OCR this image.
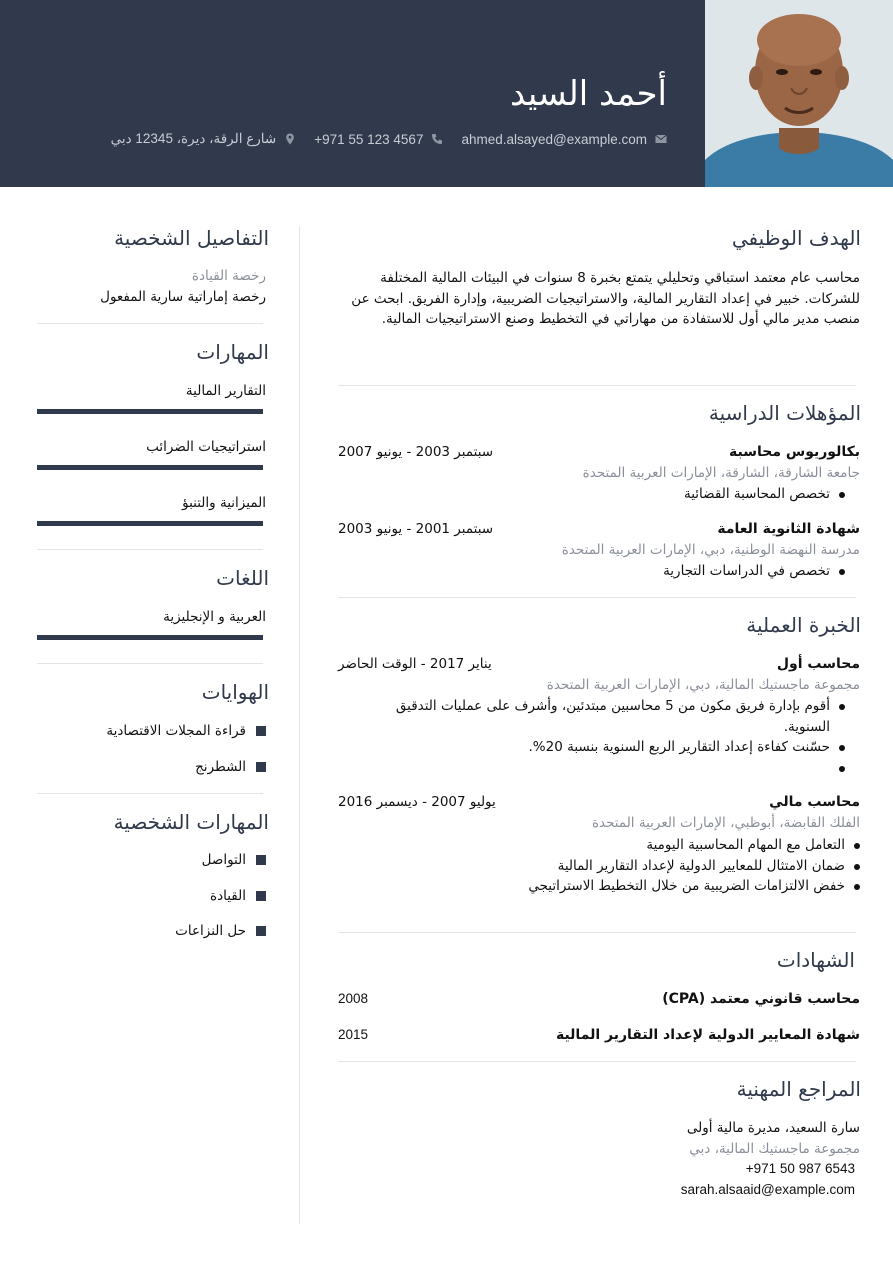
أحمد السيد
ahmed.alsayed@example.com
+971 55 123 4567
شارع الرقة، ديرة، 12345 دبي
التفاصيل الشخصية
رخصة القيادة
رخصة إماراتية سارية المفعول
المهارات
التقارير المالية
استراتيجيات الضرائب
الميزانية والتنبؤ
اللغات
العربية و الإنجليزية
الهوايات
قراءة المجلات الاقتصادية
الشطرنج
المهارات الشخصية
التواصل
القيادة
حل النزاعات
الهدف الوظيفي
محاسب عام معتمد استباقي وتحليلي يتمتع بخبرة 8 سنوات في البيئات المالية المختلفة للشركات. خبير في إعداد التقارير المالية، والاستراتيجيات الضريبية، وإدارة الفريق. ابحث عن منصب مدير مالي أول للاستفادة من مهاراتي في التخطيط وصنع الاستراتيجيات المالية.
المؤهلات الدراسية
بكالوريوس محاسبة
سبتمبر 2003 - يونيو 2007
جامعة الشارقة، الشارقة، الإمارات العربية المتحدة
تخصص المحاسبة القضائية
شهادة الثانوية العامة
سبتمبر 2001 - يونيو 2003
مدرسة النهضة الوطنية، دبي، الإمارات العربية المتحدة
تخصص في الدراسات التجارية
الخبرة العملية
محاسب أول
يناير 2017 - الوقت الحاضر
مجموعة ماجستيك المالية، دبي، الإمارات العربية المتحدة
أقوم بإدارة فريق مكون من 5 محاسبين مبتدئين، وأشرف على عمليات التدقيق السنوية.
حسّنت كفاءة إعداد التقارير الربع السنوية بنسبة 20%.
محاسب مالي
يوليو 2007 - ديسمبر 2016
الفلك القابضة، أبوظبي، الإمارات العربية المتحدة
التعامل مع المهام المحاسبية اليومية
ضمان الامتثال للمعايير الدولية لإعداد التقارير المالية
خفض الالتزامات الضريبية من خلال التخطيط الاستراتيجي
الشهادات
محاسب قانوني معتمد (CPA)
2008
شهادة المعايير الدولية لإعداد التقارير المالية
2015
المراجع المهنية
سارة السعيد، مديرة مالية أولى
مجموعة ماجستيك المالية، دبي
+971 50 987 6543
sarah.alsaaid@example.com
